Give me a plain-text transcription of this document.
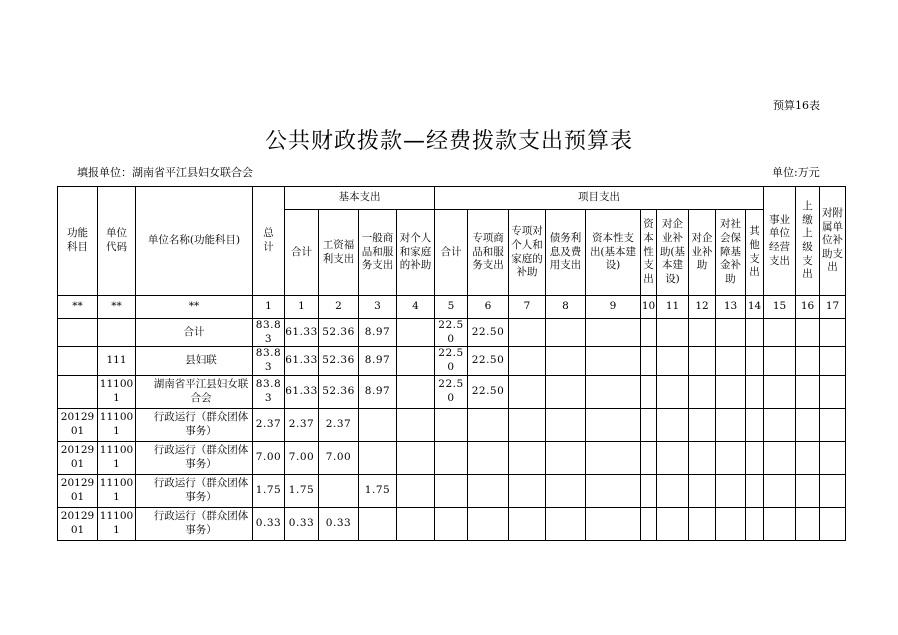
预算16表
公共财政拨款—经费拨款支出预算表
填报单位：湖南省平江县妇女联合会	单位:万元
功能科目	单位代码	单位名称(功能科目)	总计	基本支出				项目支出										事业单位经营支出	上缴上级支出	对附属单位补助支出
				合计	工资福利支出	一般商品和服务支出	对个人和家庭的补助	合计	专项商品和服务支出	专项对个人和家庭的补助	债务利息及费用支出	资本性支出(基本建设)	资本性支出	对企业补助(基本建设)	对企业补助	对社会保障基金补助	其他支出			
**	**	**	1	1	2	3	4	5	6	7	8	9	10	11	12	13	14	15	16	17
		合计	83.83	61.33	52.36	8.97		22.50	22.50											
	111	县妇联	83.83	61.33	52.36	8.97		22.50	22.50											
	111001	湖南省平江县妇女联合会	83.83	61.33	52.36	8.97		22.50	22.50											
2012901	111001	行政运行（群众团体事务）	2.37	2.37	2.37															
2012901	111001	行政运行（群众团体事务）	7.00	7.00	7.00															
2012901	111001	行政运行（群众团体事务）	1.75	1.75		1.75														
2012901	111001	行政运行（群众团体事务）	0.33	0.33	0.33															
